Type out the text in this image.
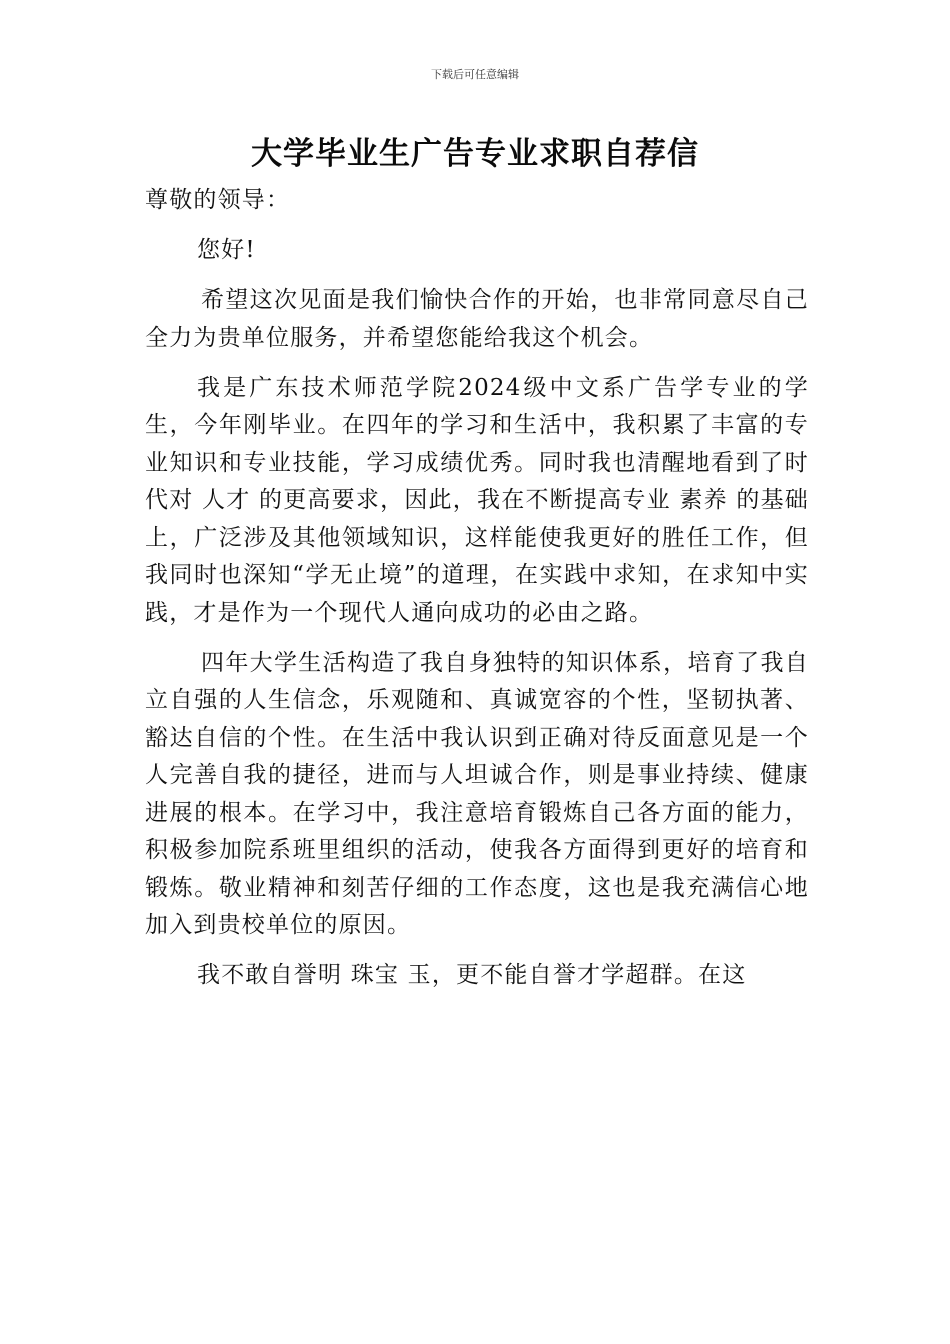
下载后可任意编辑
大学毕业生广告专业求职自荐信

尊敬的领导：

您好!

希望这次见面是我们愉快合作的开始，也非常同意尽自己全力为贵单位服务，并希望您能给我这个机会。

我是广东技术师范学院2024级中文系广告学专业的学生，今年刚毕业。在四年的学习和生活中，我积累了丰富的专业知识和专业技能，学习成绩优秀。同时我也清醒地看到了时代对 人才 的更高要求，因此，我在不断提高专业 素养 的基础上，广泛涉及其他领域知识，这样能使我更好的胜任工作，但我同时也深知“学无止境”的道理，在实践中求知，在求知中实践，才是作为一个现代人通向成功的必由之路。

四年大学生活构造了我自身独特的知识体系，培育了我自立自强的人生信念，乐观随和、真诚宽容的个性，坚韧执著、豁达自信的个性。在生活中我认识到正确对待反面意见是一个人完善自我的捷径，进而与人坦诚合作，则是事业持续、健康进展的根本。在学习中，我注意培育锻炼自己各方面的能力，积极参加院系班里组织的活动，使我各方面得到更好的培育和锻炼。敬业精神和刻苦仔细的工作态度，这也是我充满信心地加入到贵校单位的原因。

我不敢自誉明 珠宝 玉，更不能自誉才学超群。在这
